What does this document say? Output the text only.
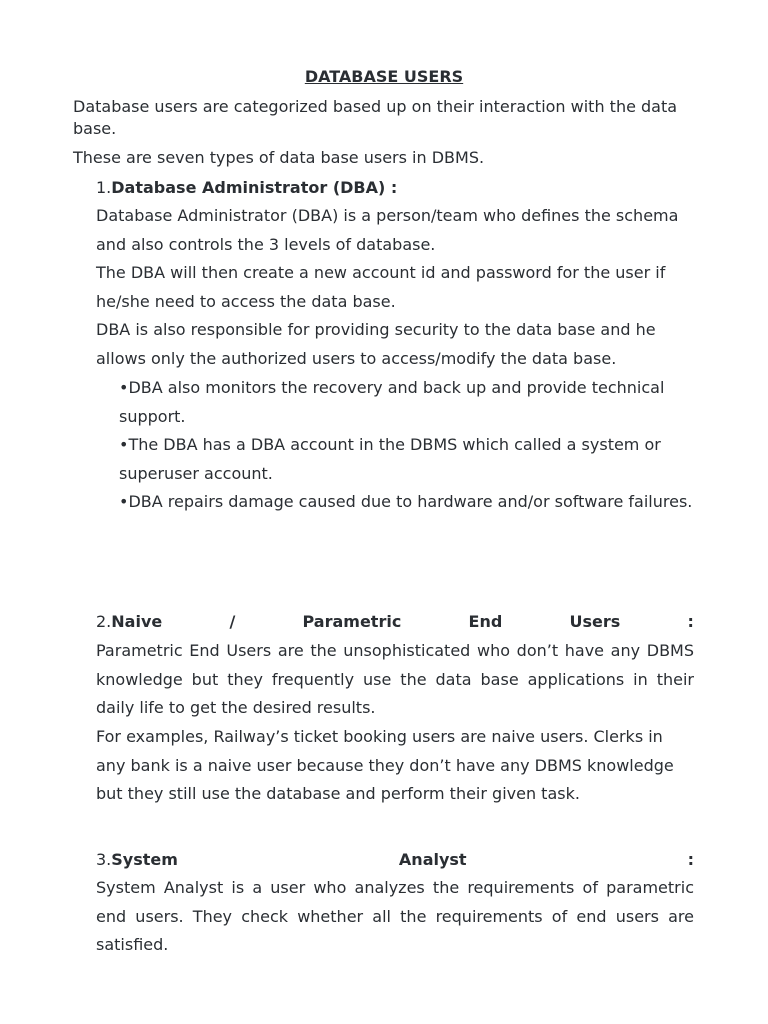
DATABASE USERS

Database users are categorized based up on their interaction with the data base.

These are seven types of data base users in DBMS.

1.Database Administrator (DBA) :

Database Administrator (DBA) is a person/team who defines the schema and also controls the 3 levels of database.

The DBA will then create a new account id and password for the user if he/she need to access the data base.

DBA is also responsible for providing security to the data base and he allows only the authorized users to access/modify the data base.

•DBA also monitors the recovery and back up and provide technical support.

•The DBA has a DBA account in the DBMS which called a system or superuser account.

•DBA repairs damage caused due to hardware and/or software failures.

2.Naive	/	Parametric	End	Users	:

Parametric End Users are the unsophisticated who don’t have any DBMS knowledge but they frequently use the data base applications in their daily life to get the desired results.

For examples, Railway’s ticket booking users are naive users. Clerks in any bank is a naive user because they don’t have any DBMS knowledge but they still use the database and perform their given task.

3.System	Analyst	:

System Analyst is a user who analyzes the requirements of parametric end users. They check whether all the requirements of end users are satisfied.
